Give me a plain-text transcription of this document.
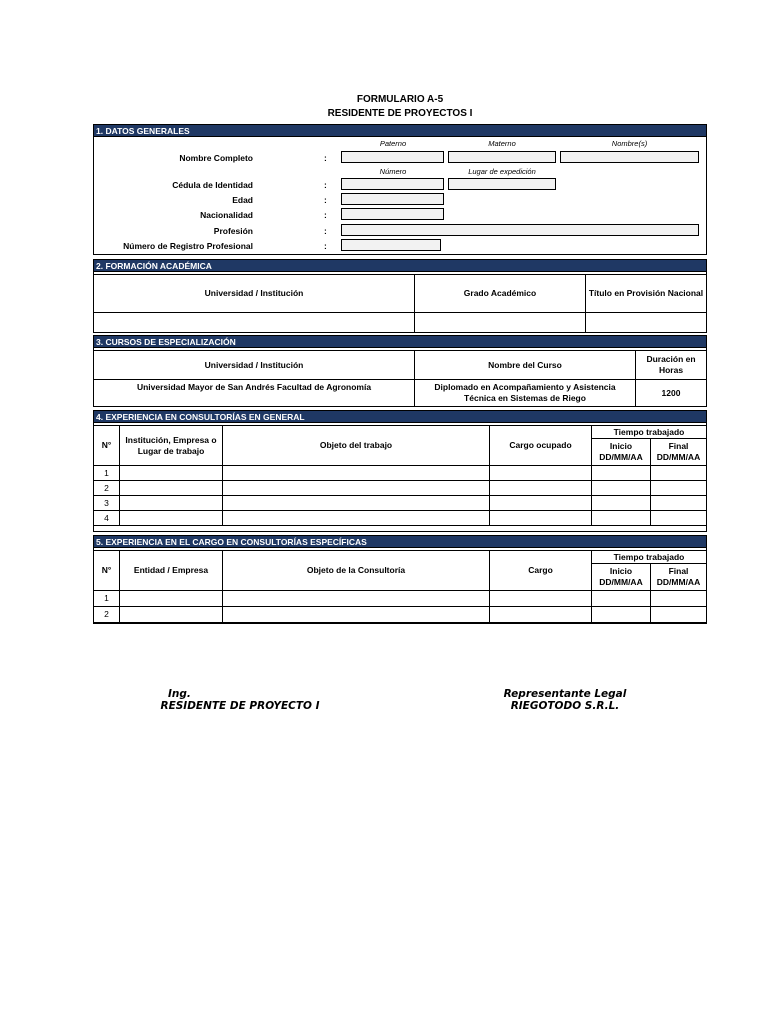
FORMULARIO A-5
RESIDENTE DE PROYECTOS I
1. DATOS GENERALES
Paterno	Materno	Nombre(s)
Nombre Completo	:
Número	Lugar de expedición
Cédula de Identidad	:
Edad	:
Nacionalidad	:
Profesión	:
Número de Registro Profesional	:
2. FORMACIÓN ACADÉMICA
Universidad / Institución	Grado Académico	Título en Provisión Nacional

3. CURSOS DE ESPECIALIZACIÓN
Universidad / Institución	Nombre del Curso	Duración en Horas
Universidad Mayor de San Andrés Facultad de Agronomía	Diplomado en Acompañamiento y Asistencia Técnica en Sistemas de Riego	1200
4. EXPERIENCIA EN CONSULTORÍAS EN GENERAL
N°	Institución, Empresa o Lugar de trabajo	Objeto del trabajo	Cargo ocupado	Tiempo trabajado	
				Inicio DD/MM/AA	Final DD/MM/AA
1					
2					
3					
4					
5. EXPERIENCIA EN EL CARGO EN CONSULTORÍAS ESPECÍFICAS
N°	Entidad / Empresa	Objeto de la Consultoría	Cargo	Tiempo trabajado	
				Inicio DD/MM/AA	Final DD/MM/AA
1					
2					
Ing.
RESIDENTE DE PROYECTO I
Representante Legal
RIEGOTODO S.R.L.
